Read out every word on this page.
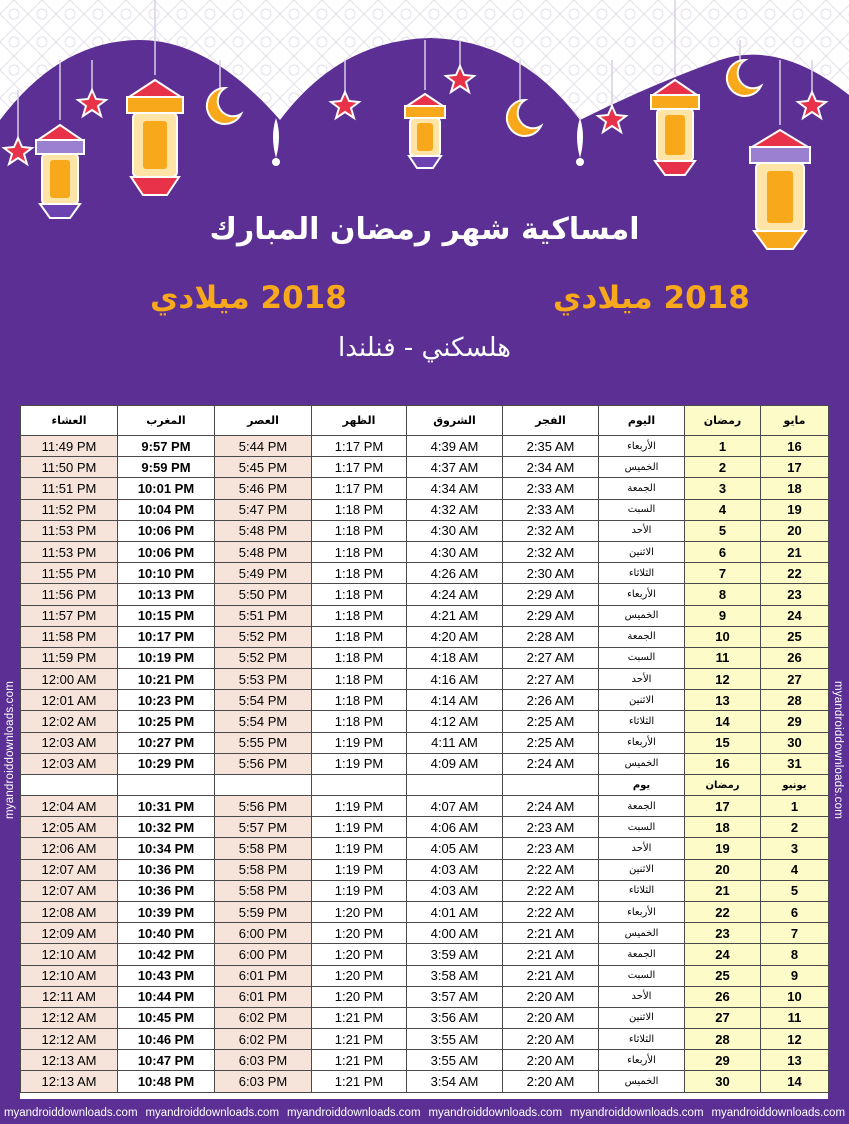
امساكية شهر رمضان المبارك
2018 ميلادي	2018 ميلادي
هلسكني - فنلندا
myandroiddownloads.com	myandroiddownloads.com
العشاء	المغرب	العصر	الظهر	الشروق	الفجر	اليوم	رمضان	مايو
11:49 PM	9:57 PM	5:44 PM	1:17 PM	4:39 AM	2:35 AM	الأربعاء	1	16
11:50 PM	9:59 PM	5:45 PM	1:17 PM	4:37 AM	2:34 AM	الخميس	2	17
11:51 PM	10:01 PM	5:46 PM	1:17 PM	4:34 AM	2:33 AM	الجمعة	3	18
11:52 PM	10:04 PM	5:47 PM	1:18 PM	4:32 AM	2:33 AM	السبت	4	19
11:53 PM	10:06 PM	5:48 PM	1:18 PM	4:30 AM	2:32 AM	الأحد	5	20
11:53 PM	10:06 PM	5:48 PM	1:18 PM	4:30 AM	2:32 AM	الاثنين	6	21
11:55 PM	10:10 PM	5:49 PM	1:18 PM	4:26 AM	2:30 AM	الثلاثاء	7	22
11:56 PM	10:13 PM	5:50 PM	1:18 PM	4:24 AM	2:29 AM	الأربعاء	8	23
11:57 PM	10:15 PM	5:51 PM	1:18 PM	4:21 AM	2:29 AM	الخميس	9	24
11:58 PM	10:17 PM	5:52 PM	1:18 PM	4:20 AM	2:28 AM	الجمعة	10	25
11:59 PM	10:19 PM	5:52 PM	1:18 PM	4:18 AM	2:27 AM	السبت	11	26
12:00 AM	10:21 PM	5:53 PM	1:18 PM	4:16 AM	2:27 AM	الأحد	12	27
12:01 AM	10:23 PM	5:54 PM	1:18 PM	4:14 AM	2:26 AM	الاثنين	13	28
12:02 AM	10:25 PM	5:54 PM	1:18 PM	4:12 AM	2:25 AM	الثلاثاء	14	29
12:03 AM	10:27 PM	5:55 PM	1:19 PM	4:11 AM	2:25 AM	الأربعاء	15	30
12:03 AM	10:29 PM	5:56 PM	1:19 PM	4:09 AM	2:24 AM	الخميس	16	31
						يوم	رمضان	يونيو
12:04 AM	10:31 PM	5:56 PM	1:19 PM	4:07 AM	2:24 AM	الجمعة	17	1
12:05 AM	10:32 PM	5:57 PM	1:19 PM	4:06 AM	2:23 AM	السبت	18	2
12:06 AM	10:34 PM	5:58 PM	1:19 PM	4:05 AM	2:23 AM	الأحد	19	3
12:07 AM	10:36 PM	5:58 PM	1:19 PM	4:03 AM	2:22 AM	الاثنين	20	4
12:07 AM	10:36 PM	5:58 PM	1:19 PM	4:03 AM	2:22 AM	الثلاثاء	21	5
12:08 AM	10:39 PM	5:59 PM	1:20 PM	4:01 AM	2:22 AM	الأربعاء	22	6
12:09 AM	10:40 PM	6:00 PM	1:20 PM	4:00 AM	2:21 AM	الخميس	23	7
12:10 AM	10:42 PM	6:00 PM	1:20 PM	3:59 AM	2:21 AM	الجمعة	24	8
12:10 AM	10:43 PM	6:01 PM	1:20 PM	3:58 AM	2:21 AM	السبت	25	9
12:11 AM	10:44 PM	6:01 PM	1:20 PM	3:57 AM	2:20 AM	الأحد	26	10
12:12 AM	10:45 PM	6:02 PM	1:21 PM	3:56 AM	2:20 AM	الاثنين	27	11
12:12 AM	10:46 PM	6:02 PM	1:21 PM	3:55 AM	2:20 AM	الثلاثاء	28	12
12:13 AM	10:47 PM	6:03 PM	1:21 PM	3:55 AM	2:20 AM	الأربعاء	29	13
12:13 AM	10:48 PM	6:03 PM	1:21 PM	3:54 AM	2:20 AM	الخميس	30	14
myandroiddownloads.com myandroiddownloads.com myandroiddownloads.com myandroiddownloads.com myandroiddownloads.com myandroiddownloads.com
